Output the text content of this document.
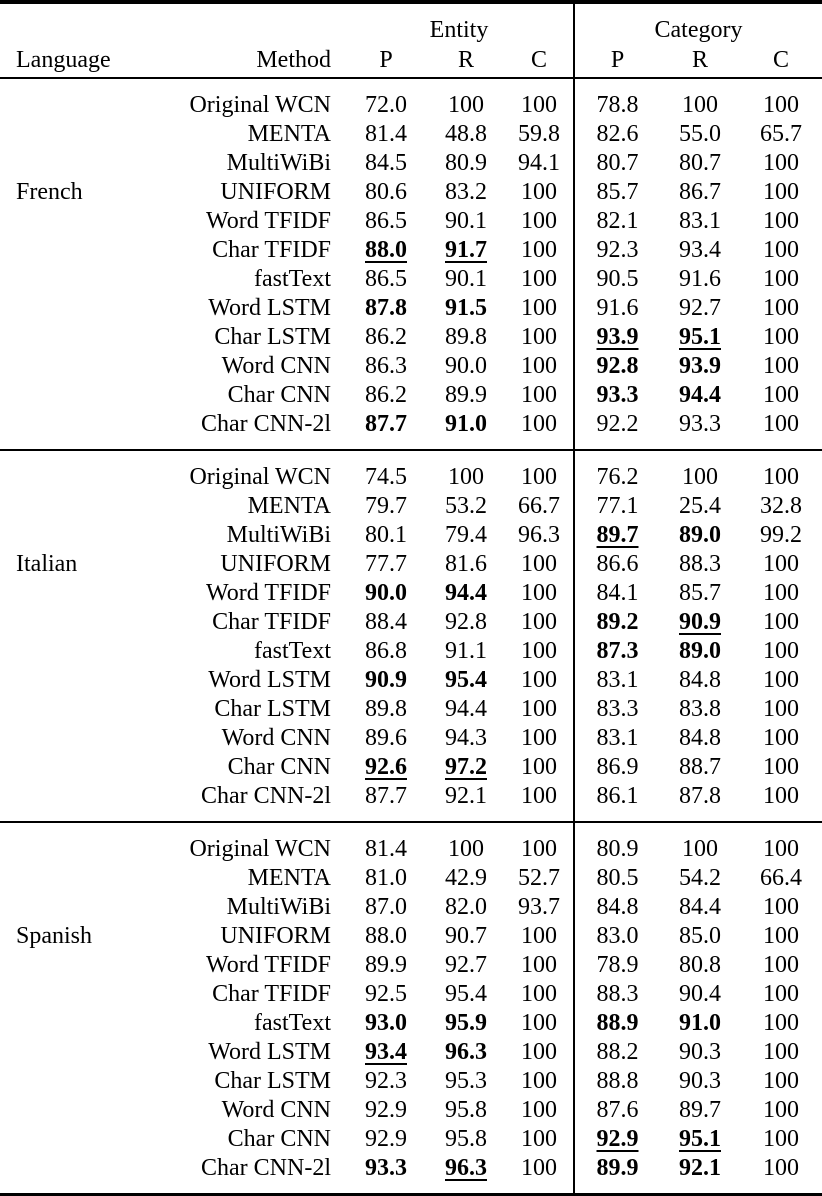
		Entity			Category		
Language	Method	P	R	C	P	R	C
	Original WCN	72.0	100	100	78.8	100	100
	MENTA	81.4	48.8	59.8	82.6	55.0	65.7
	MultiWiBi	84.5	80.9	94.1	80.7	80.7	100
French	UNIFORM	80.6	83.2	100	85.7	86.7	100
	Word TFIDF	86.5	90.1	100	82.1	83.1	100
	Char TFIDF	88.0	91.7	100	92.3	93.4	100
	fastText	86.5	90.1	100	90.5	91.6	100
	Word LSTM	87.8	91.5	100	91.6	92.7	100
	Char LSTM	86.2	89.8	100	93.9	95.1	100
	Word CNN	86.3	90.0	100	92.8	93.9	100
	Char CNN	86.2	89.9	100	93.3	94.4	100
	Char CNN-2l	87.7	91.0	100	92.2	93.3	100
	Original WCN	74.5	100	100	76.2	100	100
	MENTA	79.7	53.2	66.7	77.1	25.4	32.8
	MultiWiBi	80.1	79.4	96.3	89.7	89.0	99.2
Italian	UNIFORM	77.7	81.6	100	86.6	88.3	100
	Word TFIDF	90.0	94.4	100	84.1	85.7	100
	Char TFIDF	88.4	92.8	100	89.2	90.9	100
	fastText	86.8	91.1	100	87.3	89.0	100
	Word LSTM	90.9	95.4	100	83.1	84.8	100
	Char LSTM	89.8	94.4	100	83.3	83.8	100
	Word CNN	89.6	94.3	100	83.1	84.8	100
	Char CNN	92.6	97.2	100	86.9	88.7	100
	Char CNN-2l	87.7	92.1	100	86.1	87.8	100
	Original WCN	81.4	100	100	80.9	100	100
	MENTA	81.0	42.9	52.7	80.5	54.2	66.4
	MultiWiBi	87.0	82.0	93.7	84.8	84.4	100
Spanish	UNIFORM	88.0	90.7	100	83.0	85.0	100
	Word TFIDF	89.9	92.7	100	78.9	80.8	100
	Char TFIDF	92.5	95.4	100	88.3	90.4	100
	fastText	93.0	95.9	100	88.9	91.0	100
	Word LSTM	93.4	96.3	100	88.2	90.3	100
	Char LSTM	92.3	95.3	100	88.8	90.3	100
	Word CNN	92.9	95.8	100	87.6	89.7	100
	Char CNN	92.9	95.8	100	92.9	95.1	100
	Char CNN-2l	93.3	96.3	100	89.9	92.1	100
